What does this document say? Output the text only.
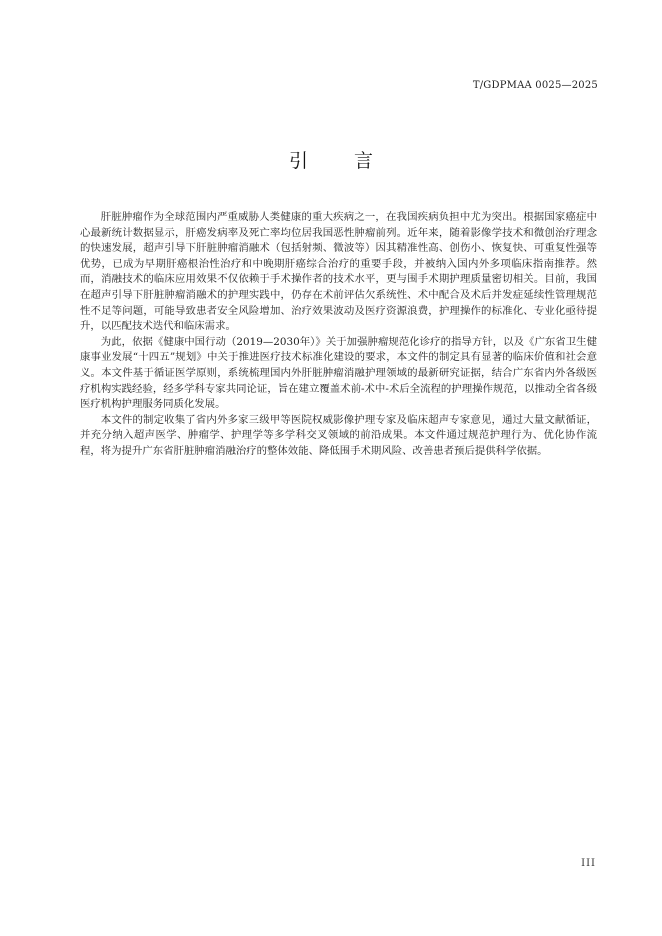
T/GDPMAA 0025—2025
引言

肝脏肿瘤作为全球范围内严重威胁人类健康的重大疾病之一，在我国疾病负担中尤为突出。根据国家癌症中心最新统计数据显示，肝癌发病率及死亡率均位居我国恶性肿瘤前列。近年来，随着影像学技术和微创治疗理念的快速发展，超声引导下肝脏肿瘤消融术（包括射频、微波等）因其精准性高、创伤小、恢复快、可重复性强等优势，已成为早期肝癌根治性治疗和中晚期肝癌综合治疗的重要手段，并被纳入国内外多项临床指南推荐。然而，消融技术的临床应用效果不仅依赖于手术操作者的技术水平，更与围手术期护理质量密切相关。目前，我国在超声引导下肝脏肿瘤消融术的护理实践中，仍存在术前评估欠系统性、术中配合及术后并发症延续性管理规范性不足等问题，可能导致患者安全风险增加、治疗效果波动及医疗资源浪费，护理操作的标准化、专业化亟待提升，以匹配技术迭代和临床需求。

为此，依据《健康中国行动（2019—2030年）》关于加强肿瘤规范化诊疗的指导方针，以及《广东省卫生健康事业发展“十四五”规划》中关于推进医疗技术标准化建设的要求，本文件的制定具有显著的临床价值和社会意义。本文件基于循证医学原则，系统梳理国内外肝脏肿瘤消融护理领域的最新研究证据，结合广东省内外各级医疗机构实践经验，经多学科专家共同论证，旨在建立覆盖术前-术中-术后全流程的护理操作规范，以推动全省各级医疗机构护理服务同质化发展。

本文件的制定收集了省内外多家三级甲等医院权威影像护理专家及临床超声专家意见，通过大量文献循证，并充分纳入超声医学、肿瘤学、护理学等多学科交叉领域的前沿成果。本文件通过规范护理行为、优化协作流程，将为提升广东省肝脏肿瘤消融治疗的整体效能、降低围手术期风险、改善患者预后提供科学依据。

III
